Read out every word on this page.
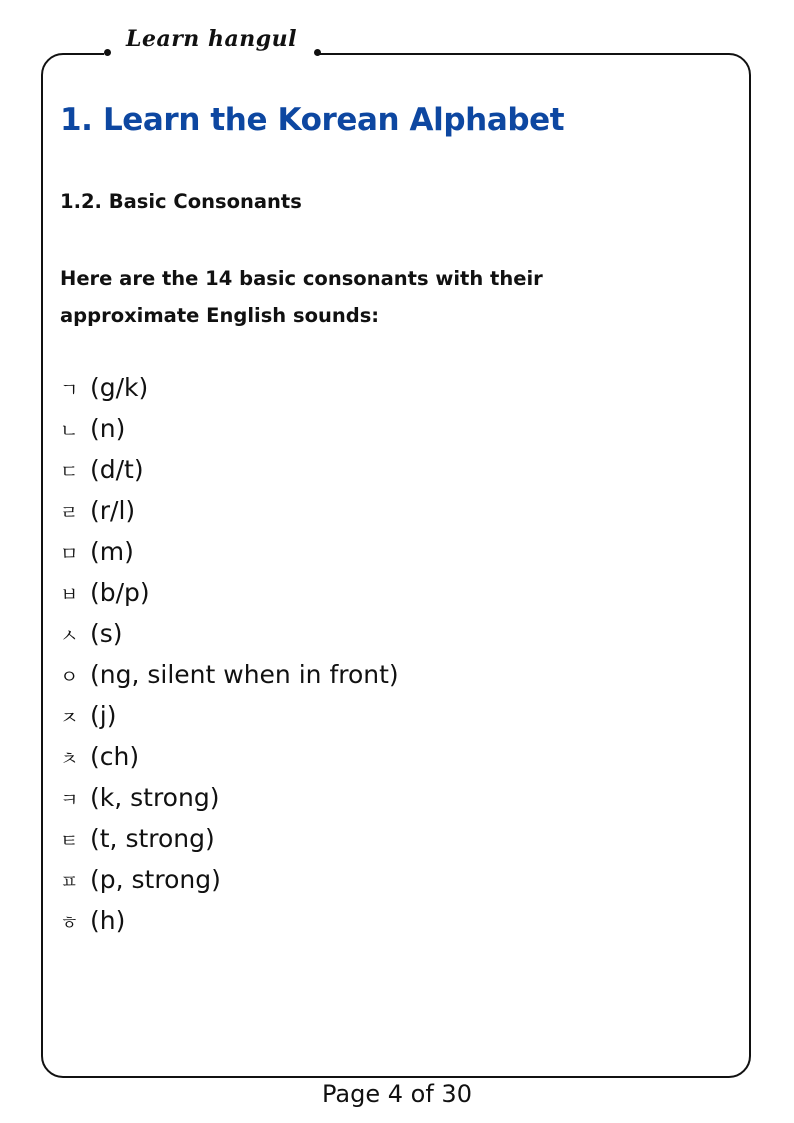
Learn hangul
1. Learn the Korean Alphabet
1.2. Basic Consonants
Here are the 14 basic consonants with their
approximate English sounds:
ㄱ (g/k)
ㄴ (n)
ㄷ (d/t)
ㄹ (r/l)
ㅁ (m)
ㅂ (b/p)
ㅅ (s)
ㅇ (ng, silent when in front)
ㅈ (j)
ㅊ (ch)
ㅋ (k, strong)
ㅌ (t, strong)
ㅍ (p, strong)
ㅎ (h)
Page 4 of 30
